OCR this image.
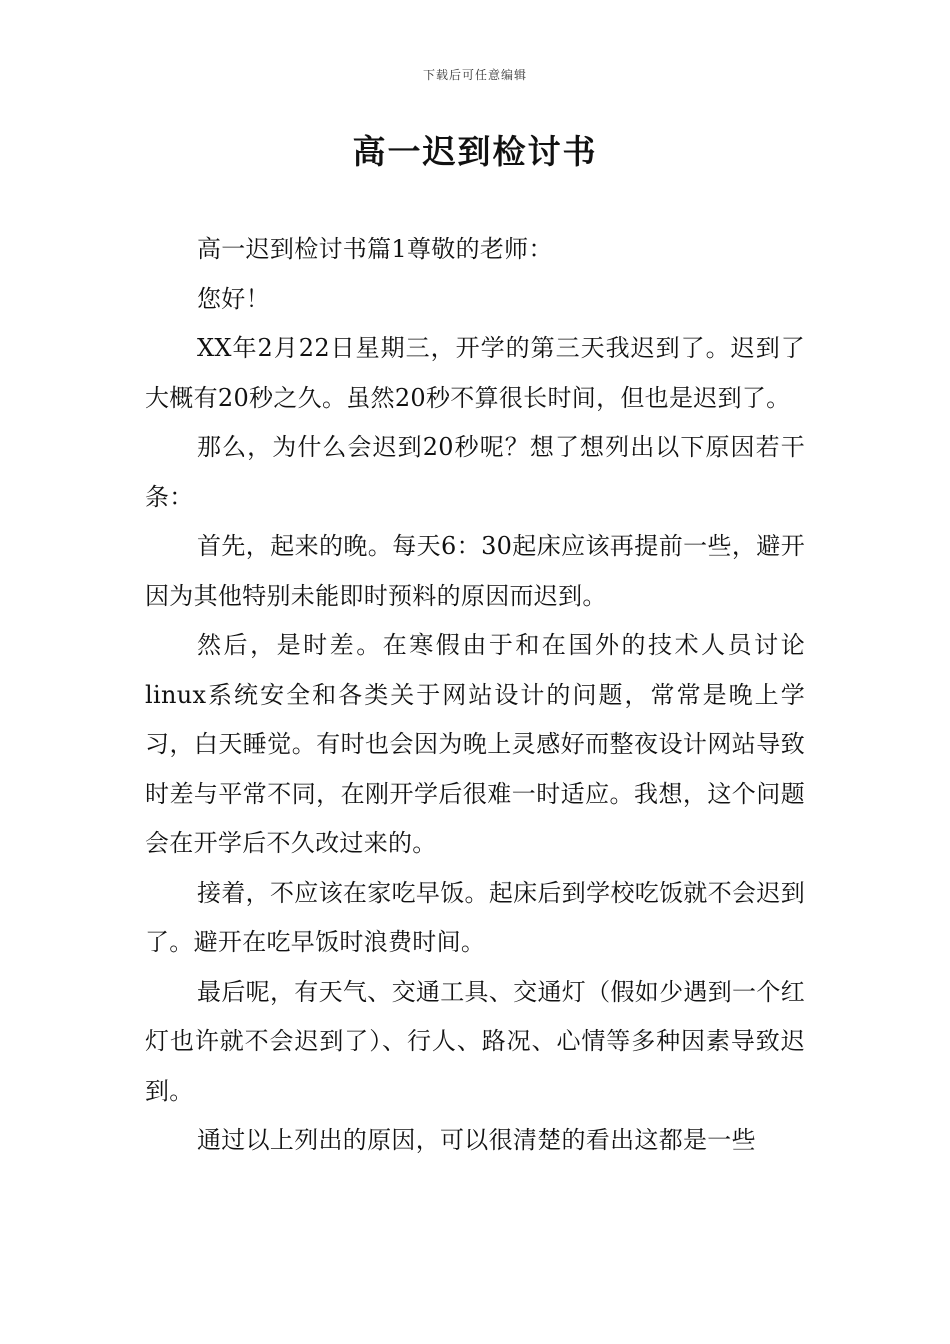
下载后可任意编辑
高一迟到检讨书

高一迟到检讨书篇1尊敬的老师：

您好！

XX年2月22日星期三，开学的第三天我迟到了。迟到了大概有20秒之久。虽然20秒不算很长时间，但也是迟到了。

那么，为什么会迟到20秒呢？想了想列出以下原因若干条：

首先，起来的晚。每天6：30起床应该再提前一些，避开因为其他特别未能即时预料的原因而迟到。

然后，是时差。在寒假由于和在国外的技术人员讨论linux系统安全和各类关于网站设计的问题，常常是晚上学习，白天睡觉。有时也会因为晚上灵感好而整夜设计网站导致时差与平常不同，在刚开学后很难一时适应。我想，这个问题会在开学后不久改过来的。

接着，不应该在家吃早饭。起床后到学校吃饭就不会迟到了。避开在吃早饭时浪费时间。

最后呢，有天气、交通工具、交通灯（假如少遇到一个红灯也许就不会迟到了）、行人、路况、心情等多种因素导致迟到。

通过以上列出的原因，可以很清楚的看出这都是一些
